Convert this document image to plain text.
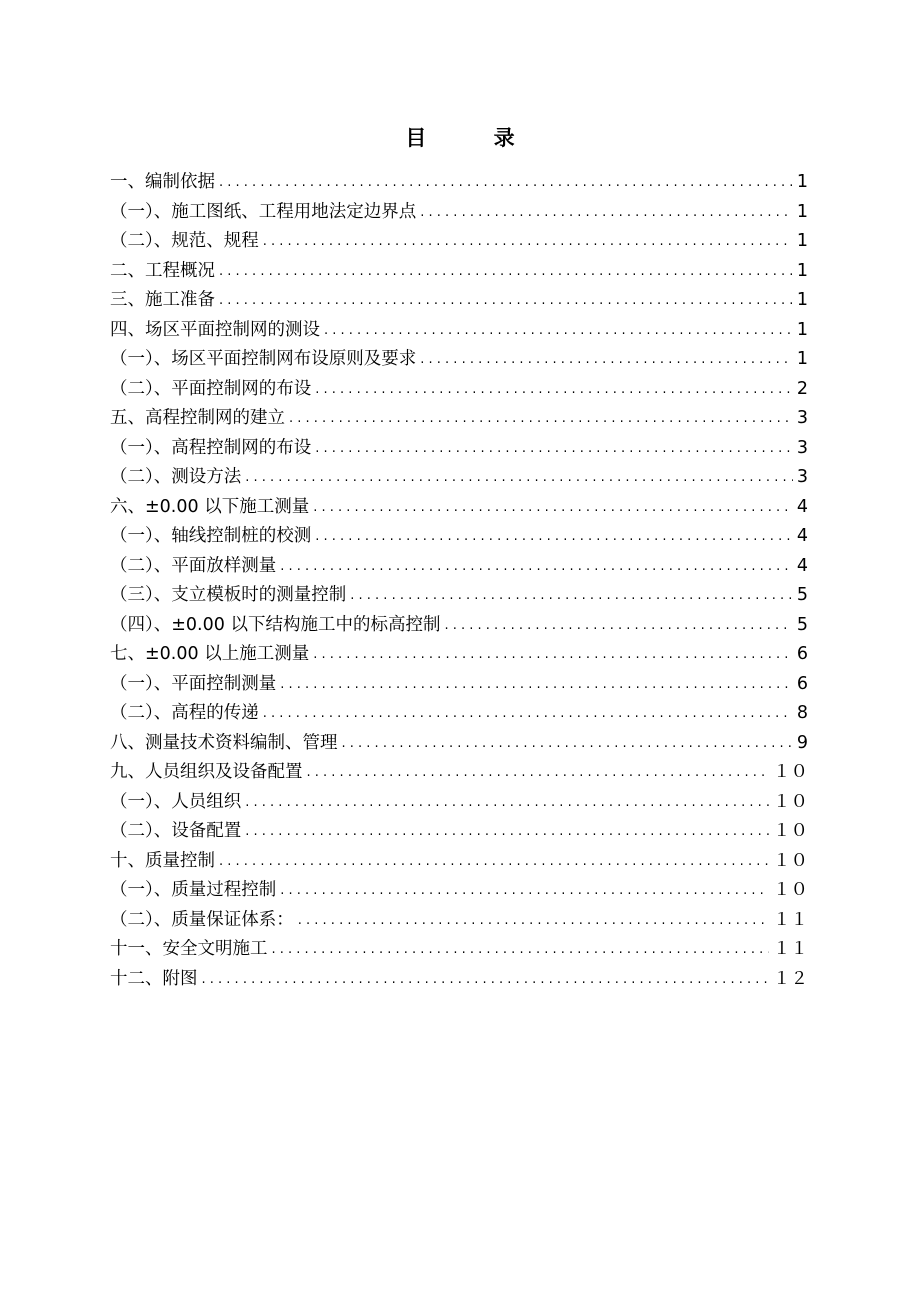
目 录
一、编制依据 . . .	1
（一）、施工图纸、工程用地法定边界点 . . .	1
（二）、规范、规程 . . .	1
二、工程概况 . . .	1
三、施工准备 . . .	1
四、场区平面控制网的测设 . . .	1
（一）、场区平面控制网布设原则及要求 . . .	1
（二）、平面控制网的布设 . . .	2
五、高程控制网的建立 . . .	3
（一）、高程控制网的布设 . . .	3
（二）、测设方法 . . .	3
六、±0.00 以下施工测量 . . .	4
（一）、轴线控制桩的校测 . . .	4
（二）、平面放样测量 . . .	4
（三）、支立模板时的测量控制 . . .	5
（四）、±0.00 以下结构施工中的标高控制 . . .	5
七、±0.00 以上施工测量 . . .	6
（一）、平面控制测量 . . .	6
（二）、高程的传递 . . .	8
八、测量技术资料编制、管理 . . .	9
九、人员组织及设备配置 . . .	１０
（一）、人员组织 . . .	１０
（二）、设备配置 . . .	１０
十、质量控制 . . .	１０
（一）、质量过程控制 . . .	１０
（二）、质量保证体系： . . .	１１
十一、安全文明施工 . . .	１１
十二、附图 . . .	１２
